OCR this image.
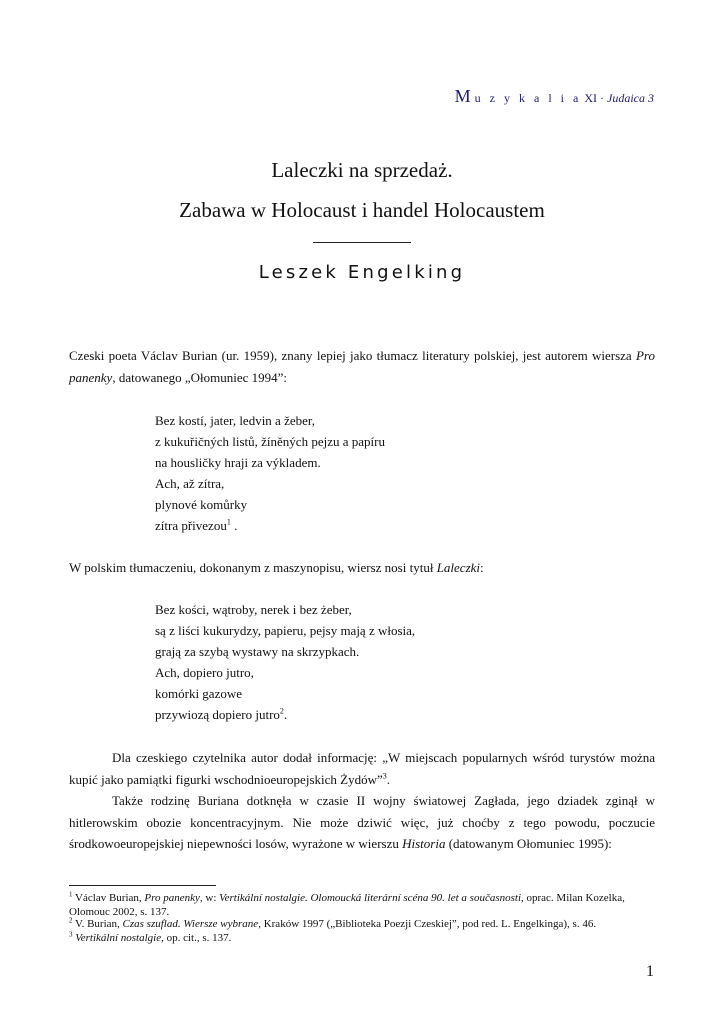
M u z y k a l i a XI · Judaica 3
Laleczki na sprzedaż.
Zabawa w Holocaust i handel Holocaustem
Leszek Engelking
Czeski poeta Václav Burian (ur. 1959), znany lepiej jako tłumacz literatury polskiej, jest autorem wiersza Pro panenky, datowanego „Ołomuniec 1994”:
Bez kostí, jater, ledvin a žeber,
z kukuřičných listů, žíněných pejzu a papíru
na housličky hraji za výkladem.
Ach, až zítra,
plynové komůrky
zítra přivezou$^1$ .
W polskim tłumaczeniu, dokonanym z maszynopisu, wiersz nosi tytuł Laleczki:
Bez kości, wątroby, nerek i bez żeber,
są z liści kukurydzy, papieru, pejsy mają z włosia,
grają za szybą wystawy na skrzypkach.
Ach, dopiero jutro,
komórki gazowe
przywiozą dopiero jutro$^2$.
Dla czeskiego czytelnika autor dodał informację: „W miejscach popularnych wśród turystów można kupić jako pamiątki figurki wschodnioeuropejskich Żydów”$^3$.
Także rodzinę Buriana dotknęła w czasie II wojny światowej Zagłada, jego dziadek zginął w hitlerowskim obozie koncentracyjnym. Nie może dziwić więc, już choćby z tego powodu, poczucie środkowoeuropejskiej niepewności losów, wyrażone w wierszu Historia (datowanym Ołomuniec 1995):
$^1$ Václav Burian, Pro panenky, w: Vertikální nostalgie. Olomoucká literární scéna 90. let a současnosti, oprac. Milan Kozelka, Olomouc 2002, s. 137.
$^2$ V. Burian, Czas szuflad. Wiersze wybrane, Kraków 1997 („Biblioteka Poezji Czeskiej”, pod red. L. Engelkinga), s. 46.
$^3$ Vertikální nostalgie, op. cit., s. 137.
1
